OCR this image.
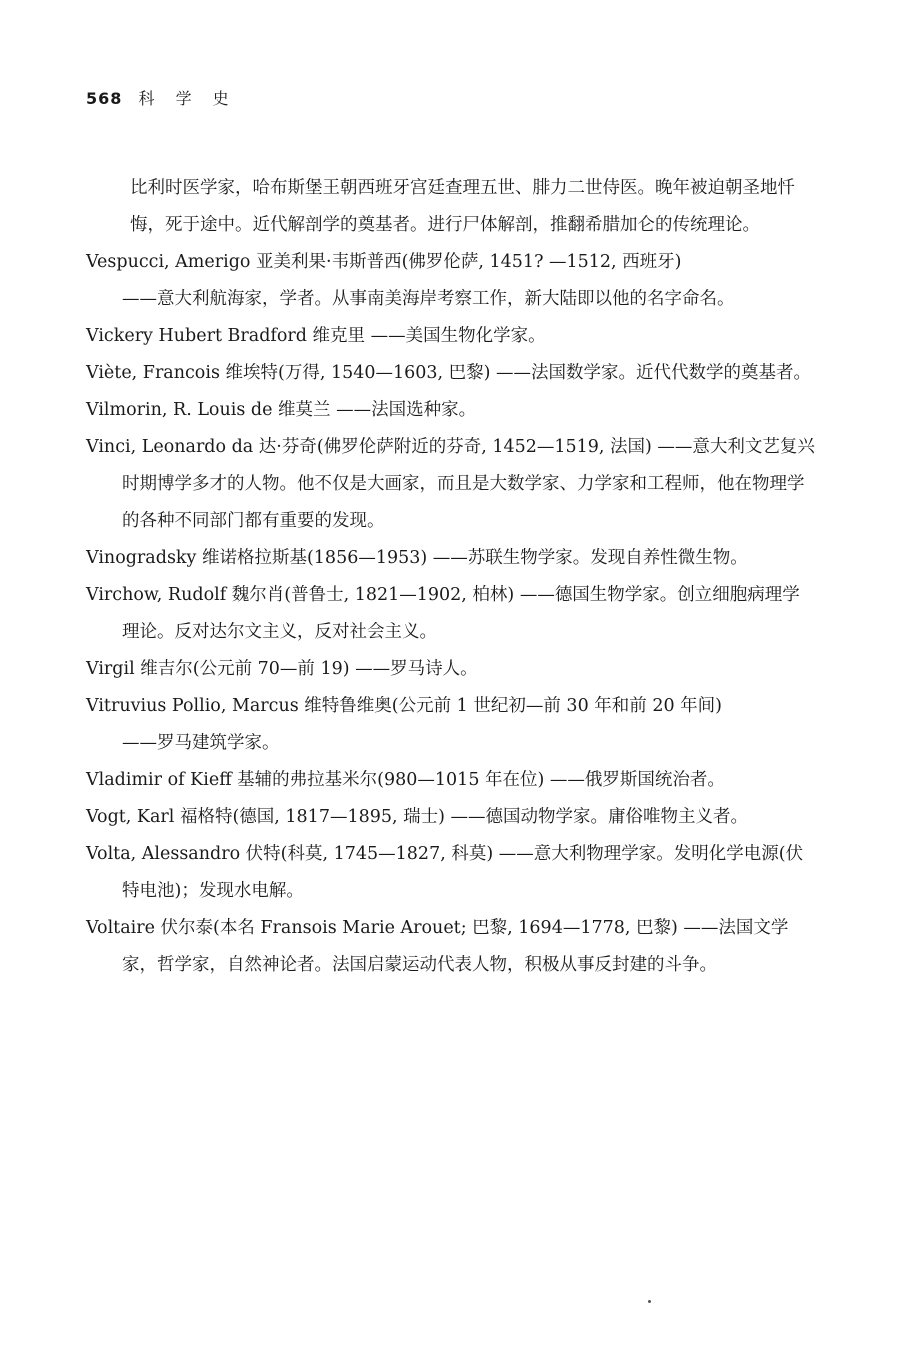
568 科 学 史

比利时医学家，哈布斯堡王朝西班牙宫廷查理五世、腓力二世侍医。晚年被迫朝圣地忏悔，死于途中。近代解剖学的奠基者。进行尸体解剖，推翻希腊加仑的传统理论。

Vespucci, Amerigo 亚美利果·韦斯普西(佛罗伦萨, 1451? —1512, 西班牙)
——意大利航海家，学者。从事南美海岸考察工作，新大陆即以他的名字命名。

Vickery Hubert Bradford 维克里 ——美国生物化学家。

Viète, Francois 维埃特(万得, 1540—1603, 巴黎) ——法国数学家。近代代数学的奠基者。

Vilmorin, R. Louis de 维莫兰 ——法国选种家。

Vinci, Leonardo da 达·芬奇(佛罗伦萨附近的芬奇, 1452—1519, 法国) ——意大利文艺复兴时期博学多才的人物。他不仅是大画家，而且是大数学家、力学家和工程师，他在物理学的各种不同部门都有重要的发现。

Vinogradsky 维诺格拉斯基(1856—1953) ——苏联生物学家。发现自养性微生物。

Virchow, Rudolf 魏尔肖(普鲁士, 1821—1902, 柏林) ——德国生物学家。创立细胞病理学理论。反对达尔文主义，反对社会主义。

Virgil 维吉尔(公元前 70—前 19) ——罗马诗人。

Vitruvius Pollio, Marcus 维特鲁维奥(公元前 1 世纪初—前 30 年和前 20 年间)
——罗马建筑学家。

Vladimir of Kieff 基辅的弗拉基米尔(980—1015 年在位) ——俄罗斯国统治者。

Vogt, Karl 福格特(德国, 1817—1895, 瑞士) ——德国动物学家。庸俗唯物主义者。

Volta, Alessandro 伏特(科莫, 1745—1827, 科莫) ——意大利物理学家。发明化学电源(伏特电池)；发现水电解。

Voltaire 伏尔泰(本名 Fransois Marie Arouet; 巴黎, 1694—1778, 巴黎) ——法国文学家，哲学家，自然神论者。法国启蒙运动代表人物，积极从事反封建的斗争。
